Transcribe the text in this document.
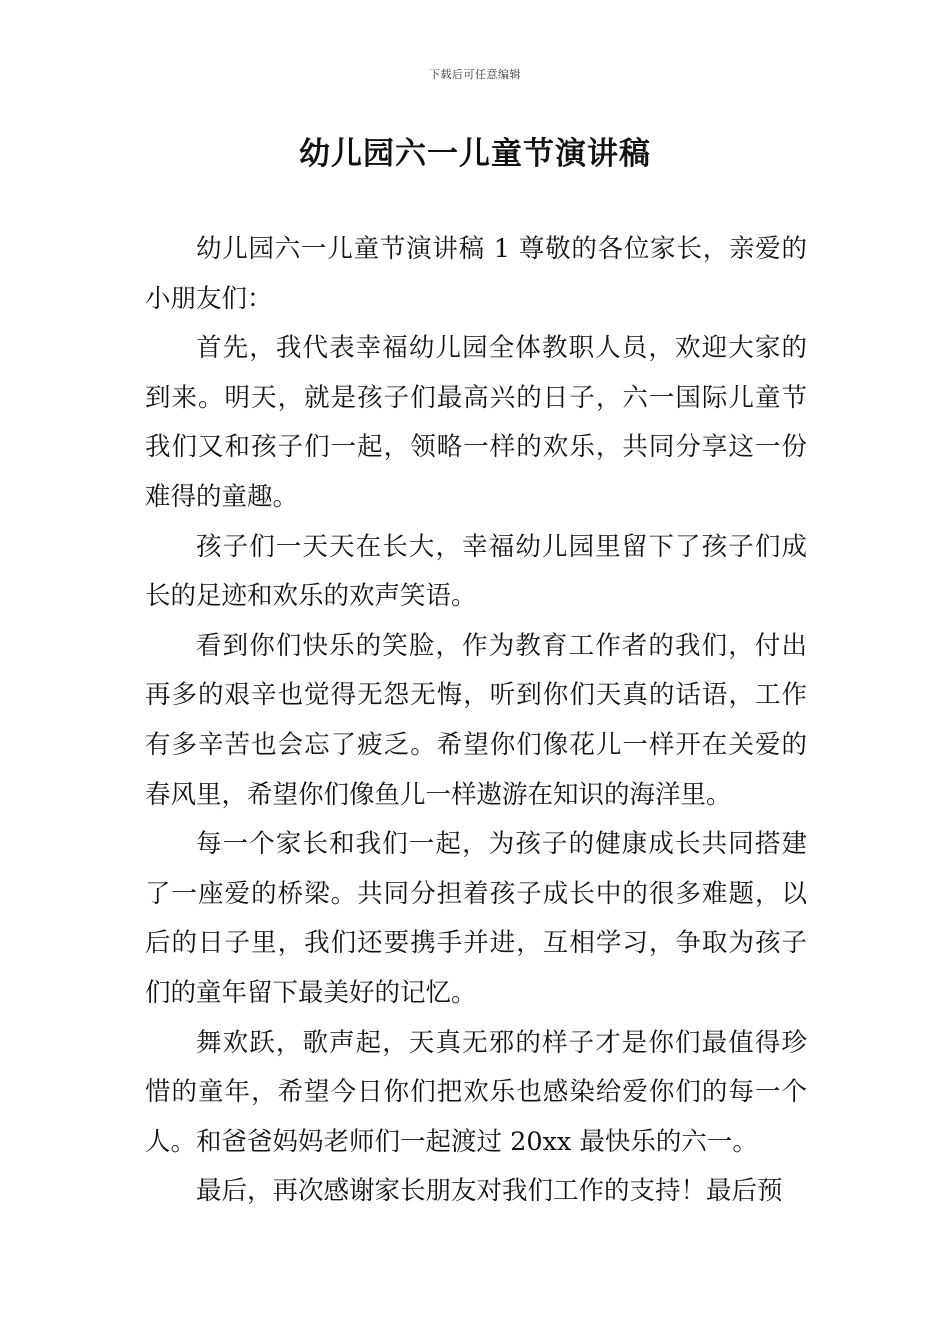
下载后可任意编辑
幼儿园六一儿童节演讲稿

幼儿园六一儿童节演讲稿 1 尊敬的各位家长，亲爱的小朋友们：

首先，我代表幸福幼儿园全体教职人员，欢迎大家的到来。明天，就是孩子们最高兴的日子，六一国际儿童节我们又和孩子们一起，领略一样的欢乐，共同分享这一份难得的童趣。

孩子们一天天在长大，幸福幼儿园里留下了孩子们成长的足迹和欢乐的欢声笑语。

看到你们快乐的笑脸，作为教育工作者的我们，付出再多的艰辛也觉得无怨无悔，听到你们天真的话语，工作有多辛苦也会忘了疲乏。希望你们像花儿一样开在关爱的春风里，希望你们像鱼儿一样遨游在知识的海洋里。

每一个家长和我们一起，为孩子的健康成长共同搭建了一座爱的桥梁。共同分担着孩子成长中的很多难题，以后的日子里，我们还要携手并进，互相学习，争取为孩子们的童年留下最美好的记忆。

舞欢跃，歌声起，天真无邪的样子才是你们最值得珍惜的童年，希望今日你们把欢乐也感染给爱你们的每一个人。和爸爸妈妈老师们一起渡过 20xx 最快乐的六一。

最后，再次感谢家长朋友对我们工作的支持！最后预
